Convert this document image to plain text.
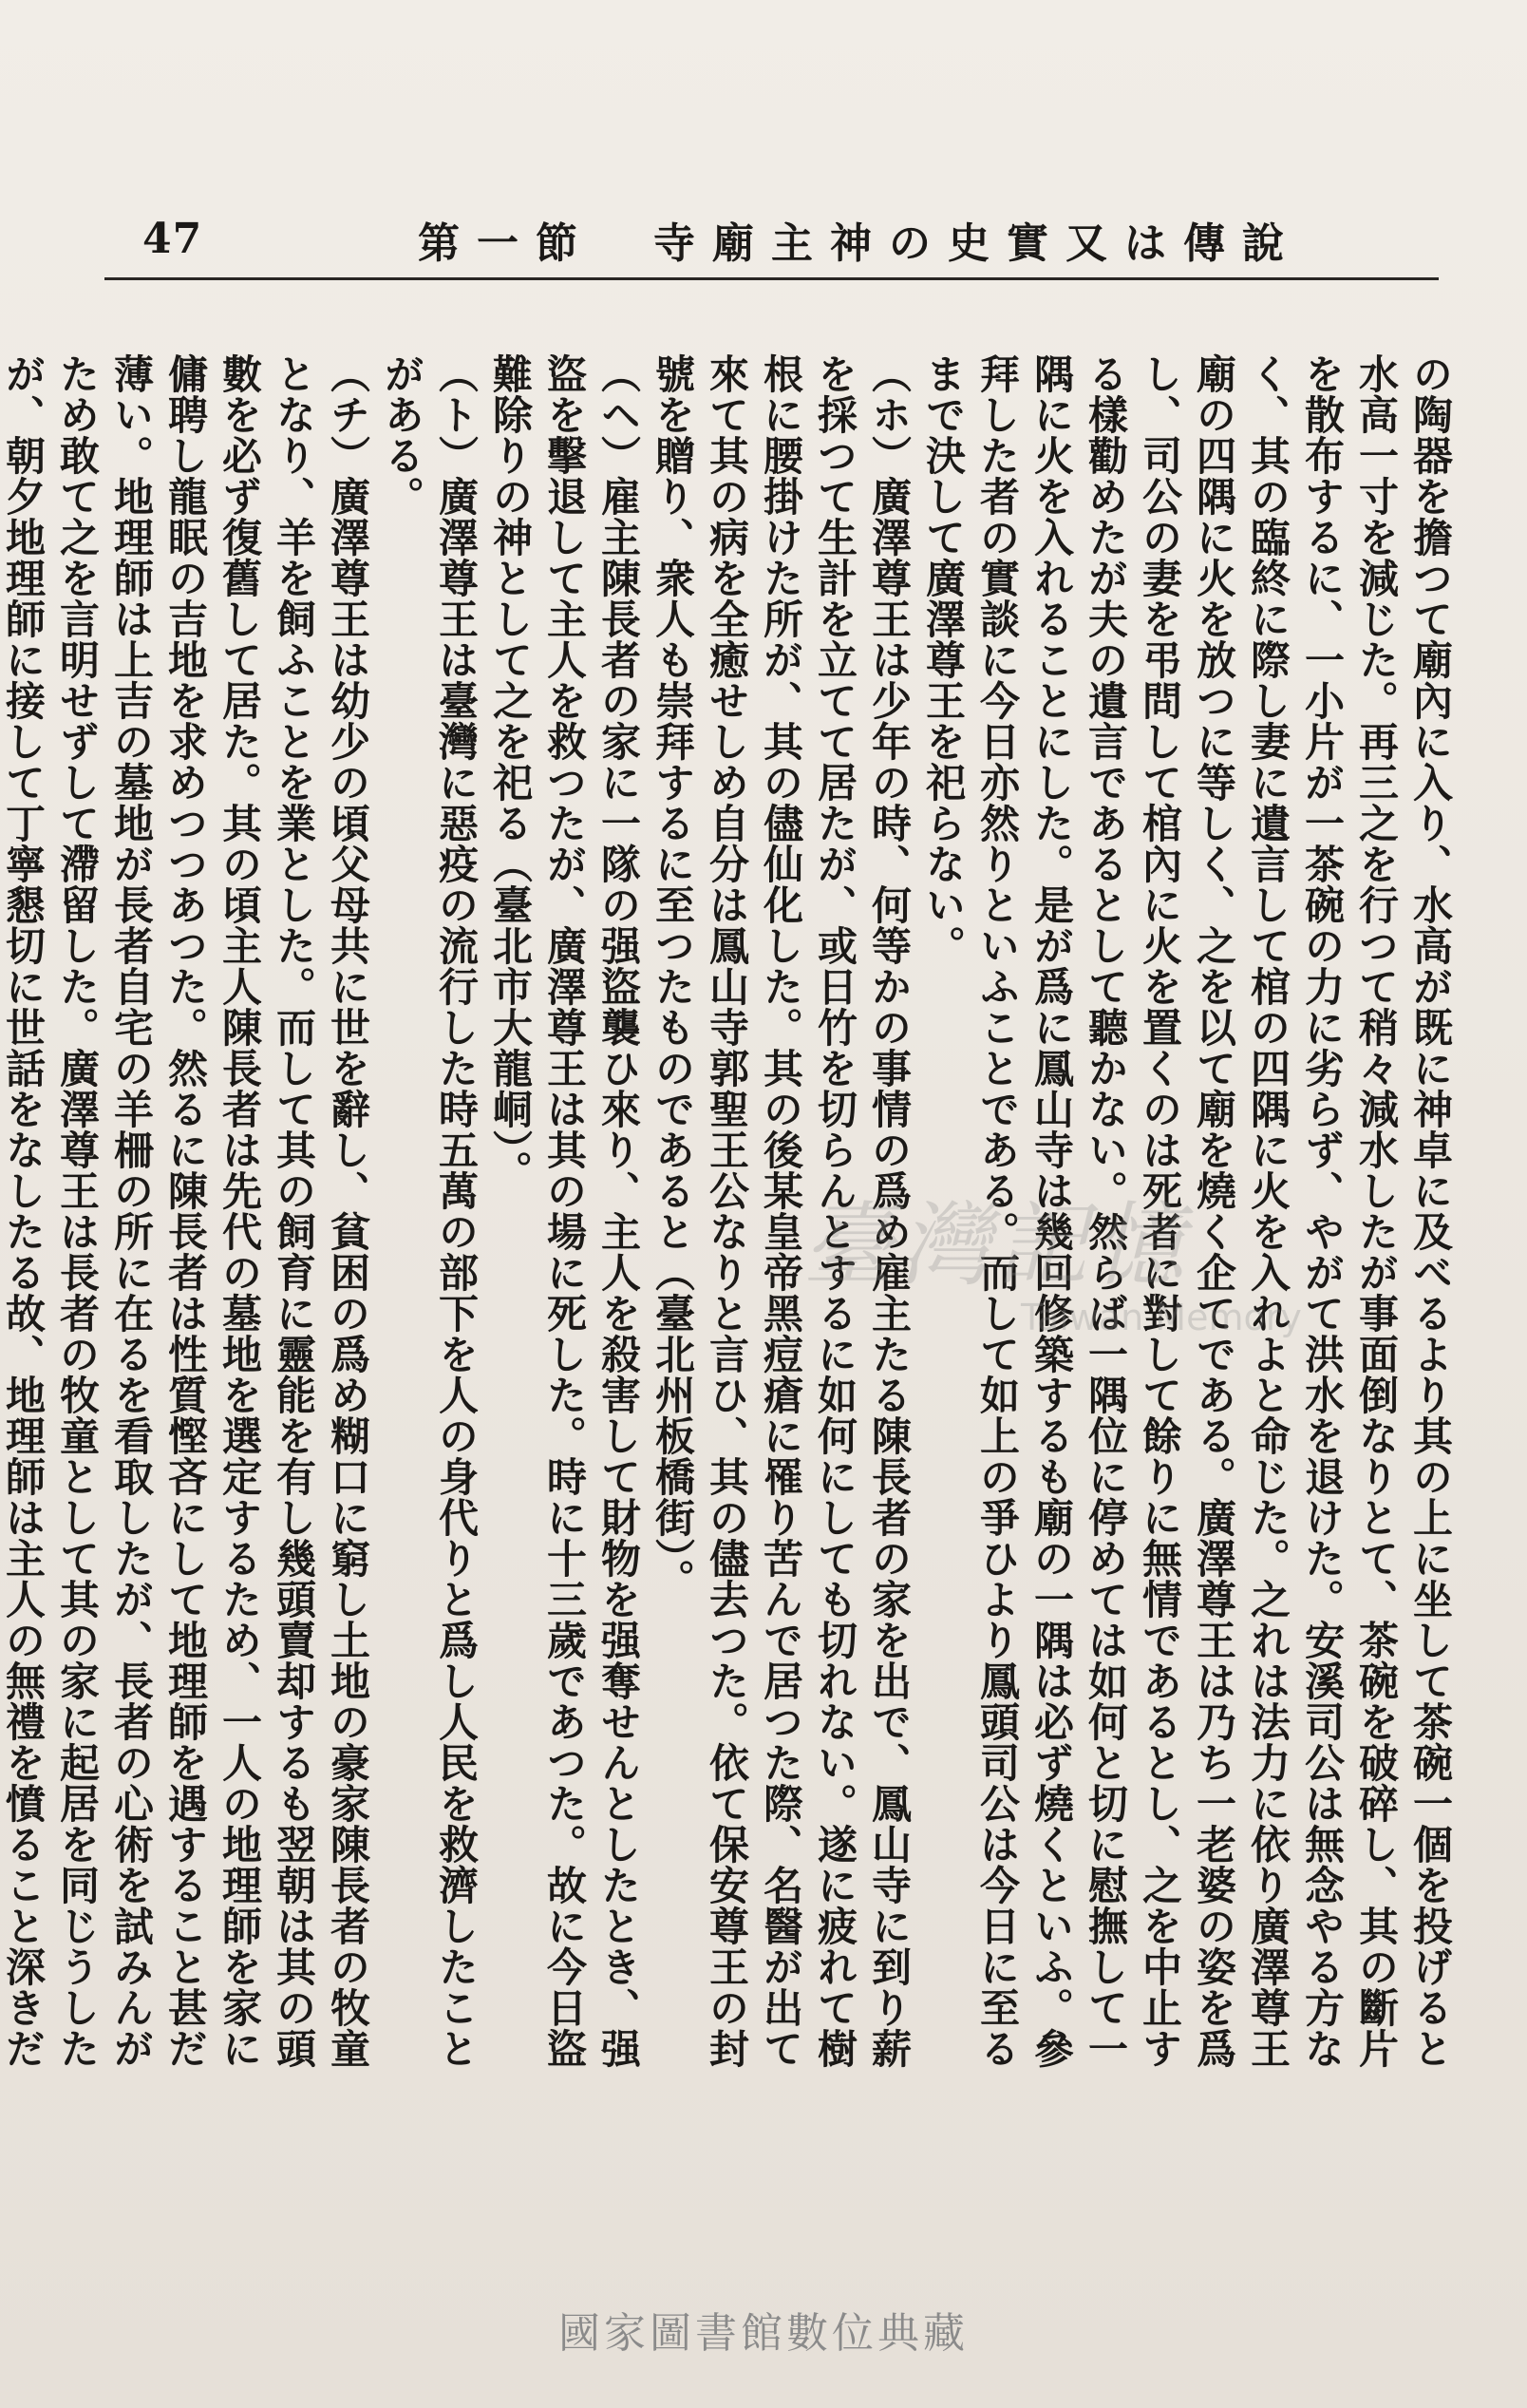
47	第一節　寺廟主神の史實又は傳說

の陶器を擔つて廟內に入り、水高が既に神卓に及べるより其の上に坐して茶碗一個を投げると水高一寸を減じた。再三之を行つて稍々減水したが事面倒なりとて、茶碗を破碎し、其の斷片を散布するに、一小片が一茶碗の力に劣らず、やがて洪水を退けた。安溪司公は無念やる方なく、其の臨終に際し妻に遺言して棺の四隅に火を入れよと命じた。之れは法力に依り廣澤尊王廟の四隅に火を放つに等しく、之を以て廟を燒く企てである。廣澤尊王は乃ち一老婆の姿を爲し、司公の妻を弔問して棺內に火を置くのは死者に對して餘りに無情であるとし、之を中止する樣勸めたが夫の遺言であるとして聽かない。然らば一隅位に停めては如何と切に慰撫して一隅に火を入れることにした。是が爲に鳳山寺は幾回修築するも廟の一隅は必ず燒くといふ。參拜した者の實談に今日亦然りといふことである。而して如上の爭ひより鳳頭司公は今日に至るまで決して廣澤尊王を祀らない。

（ホ）廣澤尊王は少年の時、何等かの事情の爲め雇主たる陳長者の家を出で、鳳山寺に到り薪を採つて生計を立てて居たが、或日竹を切らんとするに如何にしても切れない。遂に疲れて樹根に腰掛けた所が、其の儘仙化した。其の後某皇帝黑痘瘡に罹り苦んで居つた際、名醫が出て來て其の病を全癒せしめ自分は鳳山寺郭聖王公なりと言ひ、其の儘去つた。依て保安尊王の封號を贈り、衆人も崇拜するに至つたものであると（臺北州板橋街）。

（ヘ）雇主陳長者の家に一隊の强盜襲ひ來り、主人を殺害して財物を强奪せんとしたとき、强盜を擊退して主人を救つたが、廣澤尊王は其の場に死した。時に十三歲であつた。故に今日盜難除りの神として之を祀る（臺北市大龍峒）。

（ト）廣澤尊王は臺灣に惡疫の流行した時五萬の部下を人の身代りと爲し人民を救濟したことがある。

（チ）廣澤尊王は幼少の頃父母共に世を辭し、貧困の爲め糊口に窮し土地の豪家陳長者の牧童となり、羊を飼ふことを業とした。而して其の飼育に靈能を有し幾頭賣却するも翌朝は其の頭數を必ず復舊して居た。其の頃主人陳長者は先代の墓地を選定するため、一人の地理師を家に傭聘し龍眠の吉地を求めつつあつた。然るに陳長者は性質慳吝にして地理師を遇すること甚だ薄い。地理師は上吉の墓地が長者自宅の羊柵の所に在るを看取したが、長者の心術を試みんがため敢て之を言明せずして滯留した。廣澤尊王は長者の牧童として其の家に起居を同じうしたが、朝夕地理師に接して丁寧懇切に世話をなしたる故、地理師は主人の無禮を憤ること深きだ

臺灣記憶
Taiwan Memory
國家圖書館數位典藏
